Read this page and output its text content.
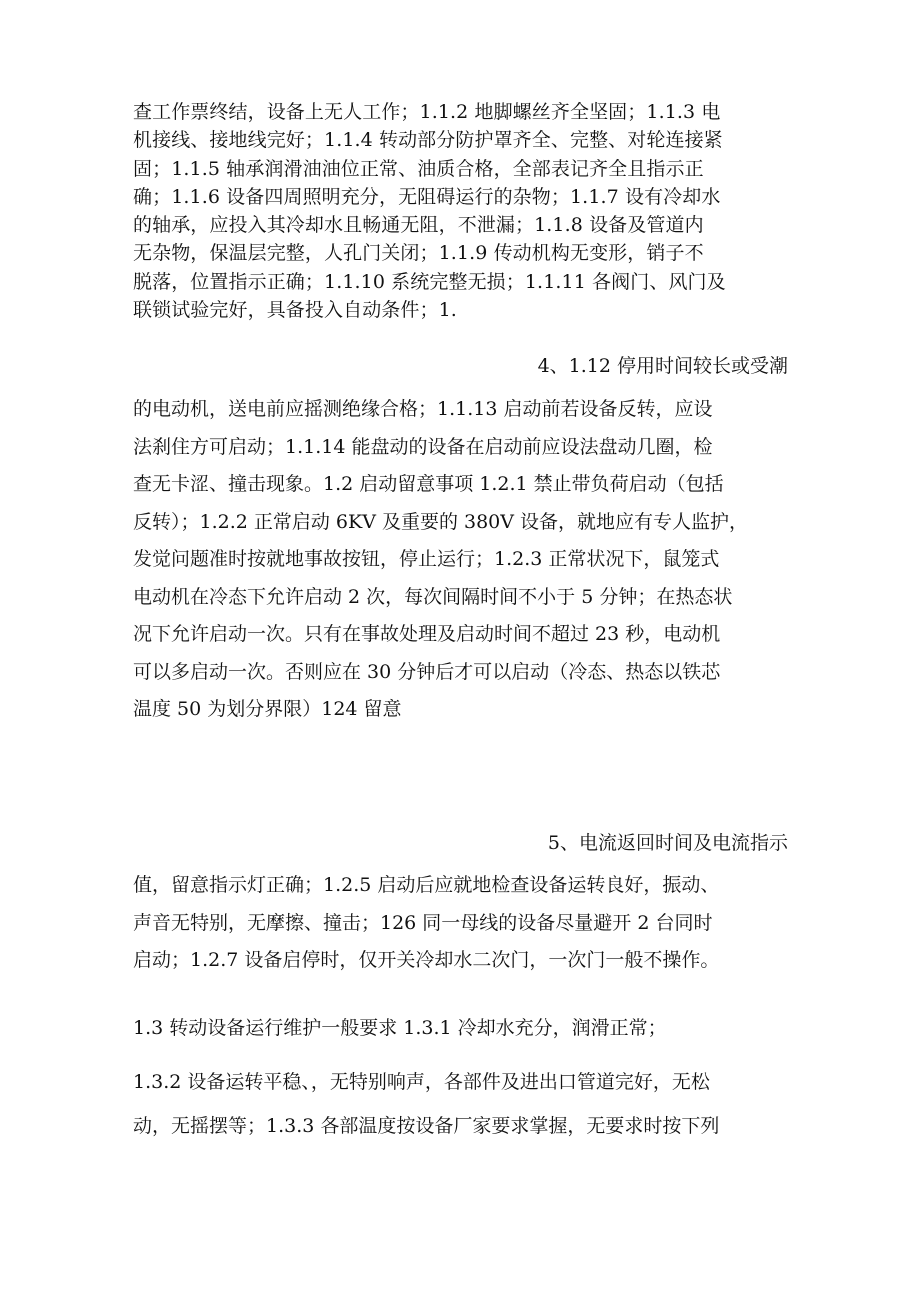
查工作票终结，设备上无人工作；1.1.2 地脚螺丝齐全坚固；1.1.3 电

机接线、接地线完好；1.1.4 转动部分防护罩齐全、完整、对轮连接紧

固；1.1.5 轴承润滑油油位正常、油质合格，全部表记齐全且指示正

确；1.1.6 设备四周照明充分，无阻碍运行的杂物；1.1.7 设有冷却水

的轴承，应投入其冷却水且畅通无阻，不泄漏；1.1.8 设备及管道内

无杂物，保温层完整，人孔门关闭；1.1.9 传动机构无变形，销子不

脱落，位置指示正确；1.1.10 系统完整无损；1.1.11 各阀门、风门及

联锁试验完好，具备投入自动条件；1.

4、1.12 停用时间较长或受潮

的电动机，送电前应摇测绝缘合格；1.1.13 启动前若设备反转，应设

法刹住方可启动；1.1.14 能盘动的设备在启动前应设法盘动几圈，检

查无卡涩、撞击现象。1.2 启动留意事项 1.2.1 禁止带负荷启动（包括

反转）；1.2.2 正常启动 6KV 及重要的 380V 设备，就地应有专人监护，

发觉问题准时按就地事故按钮，停止运行；1.2.3 正常状况下，鼠笼式

电动机在冷态下允许启动 2 次，每次间隔时间不小于 5 分钟；在热态状

况下允许启动一次。只有在事故处理及启动时间不超过 23 秒，电动机

可以多启动一次。否则应在 30 分钟后才可以启动（冷态、热态以铁芯

温度 50 为划分界限）124 留意

5、电流返回时间及电流指示

值，留意指示灯正确；1.2.5 启动后应就地检查设备运转良好，振动、

声音无特别，无摩擦、撞击；126 同一母线的设备尽量避开 2 台同时

启动；1.2.7 设备启停时，仅开关冷却水二次门，一次门一般不操作。

1.3 转动设备运行维护一般要求 1.3.1 冷却水充分，润滑正常；

1.3.2 设备运转平稳、，无特别响声，各部件及进出口管道完好，无松

动，无摇摆等；1.3.3 各部温度按设备厂家要求掌握，无要求时按下列
